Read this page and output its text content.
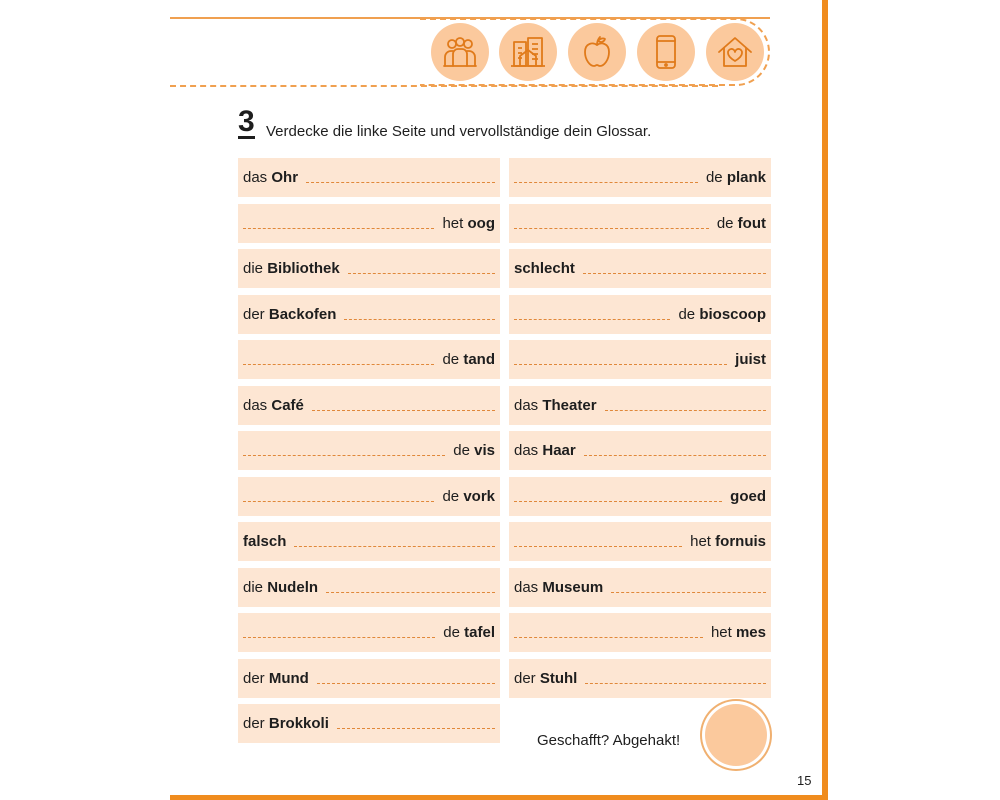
3 Verdecke die linke Seite und vervollständige dein Glossar.
das Ohr
het oog
die Bibliothek
der Backofen
de tand
das Café
de vis
de vork
falsch
die Nudeln
de tafel
der Mund
der Brokkoli
de plank
de fout
schlecht
de bioscoop
juist
das Theater
das Haar
goed
het fornuis
das Museum
het mes
der Stuhl
Geschafft? Abgehakt!
15
